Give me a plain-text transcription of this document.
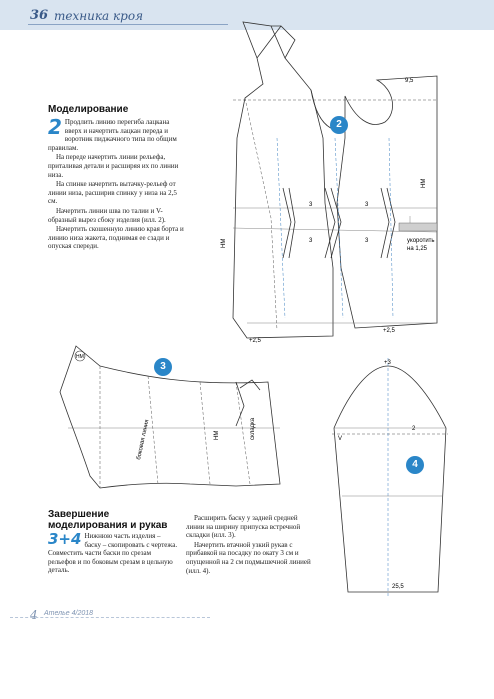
36 техника кроя
Моделирование

2 Продлить линию перегиба лацкана вверх и начертить лацкан переда и воротник пиджачного типа по общим правилам.

На переде начертить линии рельефа, приталивая детали и расширяя их по линии низа.

На спинке начертить вытачку-рельеф от линии низа, расширив спинку у низа на 2,5 см.

Начертить линии шва по талии и V-образный вырез сбоку изделия (илл. 2).

Начертить скошенную линию края борта и линию низа жакета, поднимая ее сзади и опуская спереди.

9,5
НМ
НМ
укоротить
на 1,25
+2,5
+2,5
3
3
3
3
2
НМ
боковая линия	НМ	складка
3	+3
2
V
25,5
4
Завершение
моделирования и рукав

3+4 Нижнюю часть изделия – баску – скопировать с чертежа. Совместить части баски по срезам рельефов и по боковым срезам в цельную деталь.

Расширить баску у задней средней линии на ширину припуска встречной складки (илл. 3).

Начертить втачной узкий рукав с прибавкой на посадку по окату 3 см и опущенной на 2 см подмышечной линией (илл. 4).

4 Ателье 4/2018
